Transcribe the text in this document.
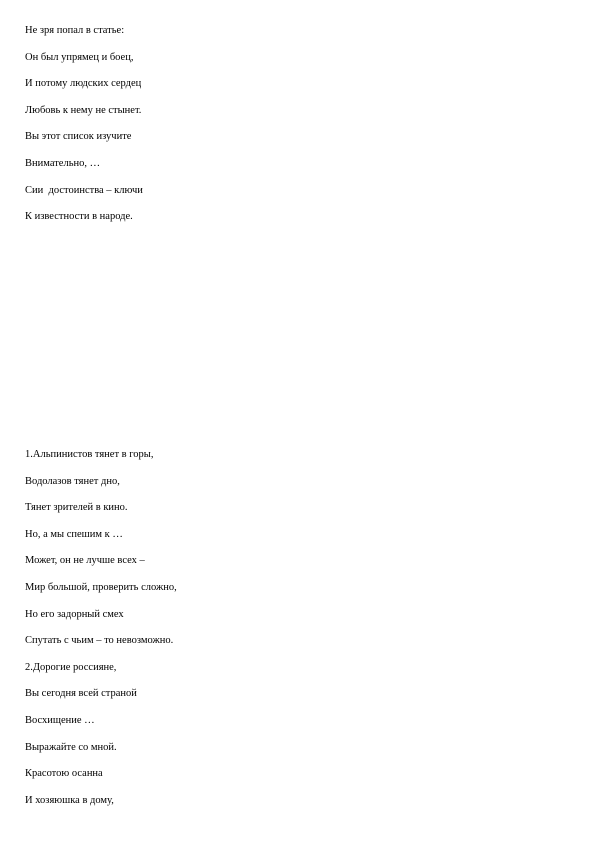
Не зря попал в статье:
Он был упрямец и боец,
И потому людских сердец
Любовь к нему не стынет.
Вы этот список изучите
Внимательно, …
Сии  достоинства – ключи
К известности в народе.
1.Альпинистов тянет в горы,
Водолазов тянет дно,
Тянет зрителей в кино.
Но, а мы спешим к …
Может, он не лучше всех –
Мир большой, проверить сложно,
Но его задорный смех
Спутать с чьим – то невозможно.
2.Дорогие россияне,
Вы сегодня всей страной
Восхищение …
Выражайте со мной.
Красотою осанна
И хозяюшка в дому,
